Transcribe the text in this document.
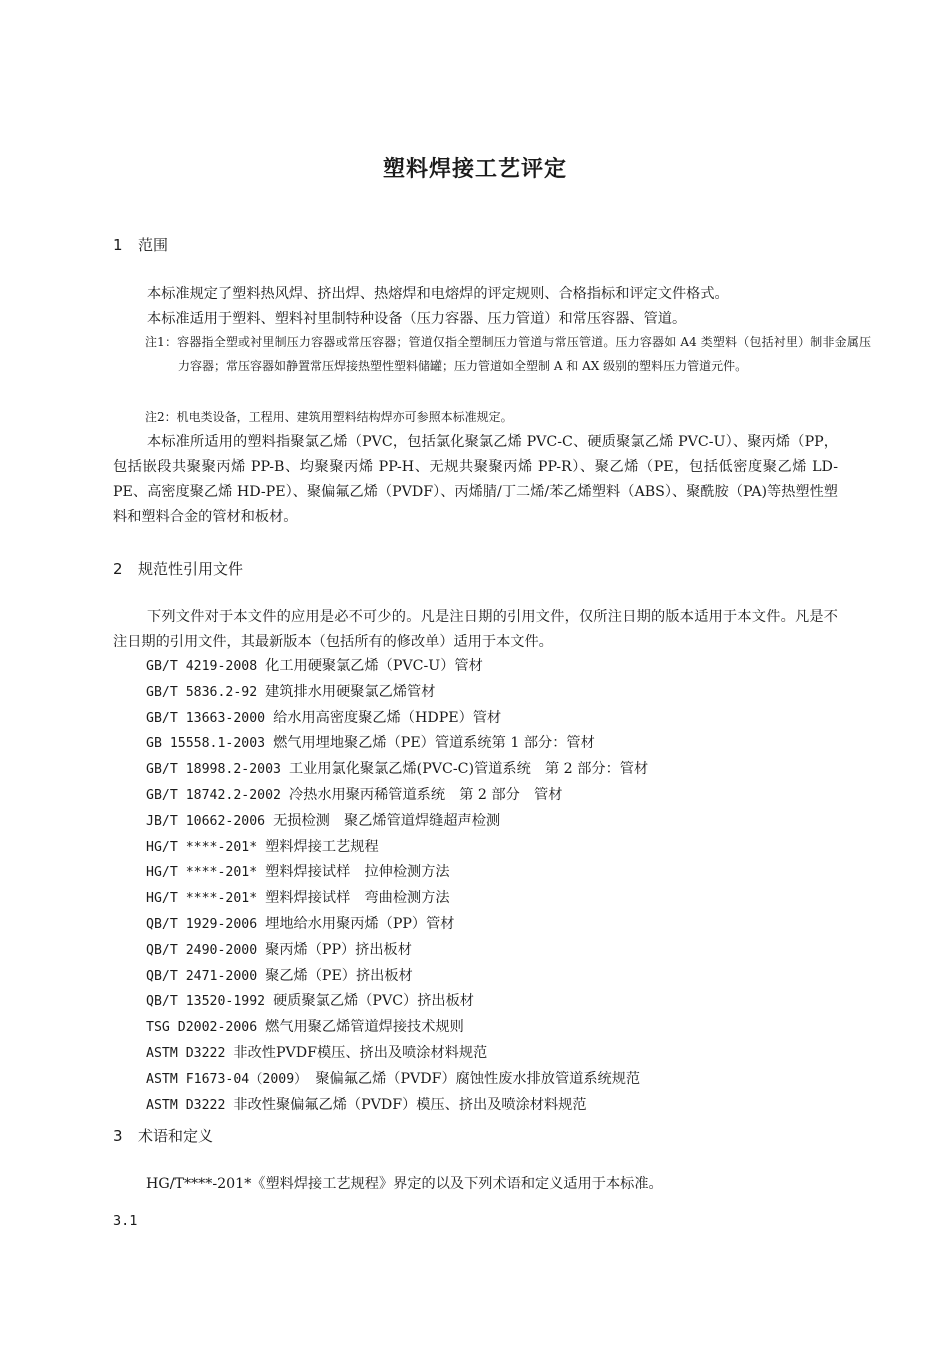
塑料焊接工艺评定
1 范围

本标准规定了塑料热风焊、挤出焊、热熔焊和电熔焊的评定规则、合格指标和评定文件格式。

本标准适用于塑料、塑料衬里制特种设备（压力容器、压力管道）和常压容器、管道。

注1：容器指全塑或衬里制压力容器或常压容器；管道仅指全塑制压力管道与常压管道。压力容器如 A4 类塑料（包括衬里）制非金属压力容器；常压容器如静置常压焊接热塑性塑料储罐；压力管道如全塑制 A 和 AX 级别的塑料压力管道元件。

注2：机电类设备，工程用、建筑用塑料结构焊亦可参照本标准规定。

本标准所适用的塑料指聚氯乙烯（PVC，包括氯化聚氯乙烯 PVC-C、硬质聚氯乙烯 PVC-U）、聚丙烯（PP，包括嵌段共聚聚丙烯 PP-B、均聚聚丙烯 PP-H、无规共聚聚丙烯 PP-R）、聚乙烯（PE，包括低密度聚乙烯 LD-PE、高密度聚乙烯 HD-PE）、聚偏氟乙烯（PVDF）、丙烯腈/丁二烯/苯乙烯塑料（ABS）、聚酰胺（PA)等热塑性塑料和塑料合金的管材和板材。

2 规范性引用文件

下列文件对于本文件的应用是必不可少的。凡是注日期的引用文件，仅所注日期的版本适用于本文件。凡是不注日期的引用文件，其最新版本（包括所有的修改单）适用于本文件。

GB/T 4219-2008 化工用硬聚氯乙烯（PVC-U）管材
GB/T 5836.2-92 建筑排水用硬聚氯乙烯管材
GB/T 13663-2000 给水用高密度聚乙烯（HDPE）管材
GB 15558.1-2003 燃气用埋地聚乙烯（PE）管道系统第 1 部分：管材
GB/T 18998.2-2003 工业用氯化聚氯乙烯(PVC-C)管道系统　第 2 部分：管材
GB/T 18742.2-2002 冷热水用聚丙稀管道系统　第 2 部分　管材
JB/T 10662-2006 无损检测　聚乙烯管道焊缝超声检测
HG/T ****-201* 塑料焊接工艺规程
HG/T ****-201* 塑料焊接试样　拉伸检测方法
HG/T ****-201* 塑料焊接试样　弯曲检测方法
QB/T 1929-2006 埋地给水用聚丙烯（PP）管材
QB/T 2490-2000 聚丙烯（PP）挤出板材
QB/T 2471-2000 聚乙烯（PE）挤出板材
QB/T 13520-1992 硬质聚氯乙烯（PVC）挤出板材
TSG D2002-2006 燃气用聚乙烯管道焊接技术规则
ASTM D3222 非改性PVDF模压、挤出及喷涂材料规范
ASTM F1673-04（2009） 聚偏氟乙烯（PVDF）腐蚀性废水排放管道系统规范
ASTM D3222 非改性聚偏氟乙烯（PVDF）模压、挤出及喷涂材料规范
3 术语和定义

HG/T****-201*《塑料焊接工艺规程》界定的以及下列术语和定义适用于本标准。

3.1
